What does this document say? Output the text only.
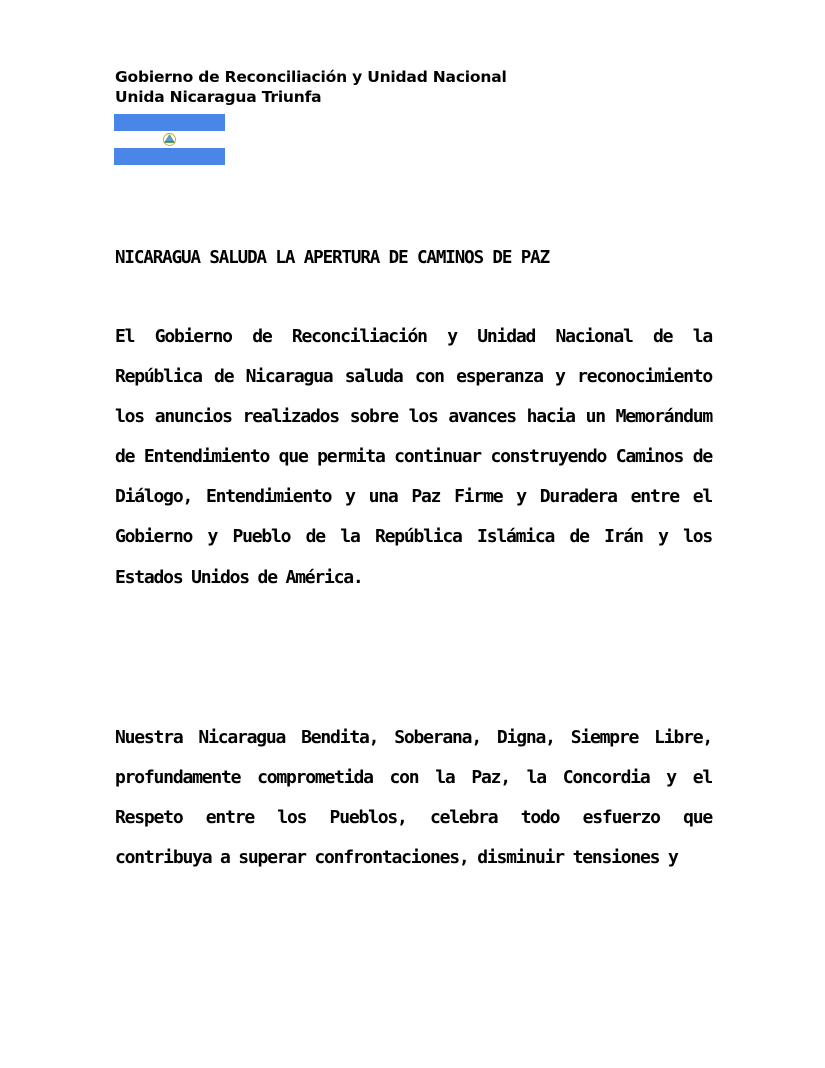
Gobierno de Reconciliación y Unidad Nacional
Unida Nicaragua Triunfa
NICARAGUA SALUDA LA APERTURA DE CAMINOS DE PAZ
El Gobierno de Reconciliación y Unidad Nacional de la República de Nicaragua saluda con esperanza y reconocimiento los anuncios realizados sobre los avances hacia un Memorándum de Entendimiento que permita continuar construyendo Caminos de Diálogo, Entendimiento y una Paz Firme y Duradera entre el Gobierno y Pueblo de la República Islámica de Irán y los Estados Unidos de América.
Nuestra Nicaragua Bendita, Soberana, Digna, Siempre Libre, profundamente comprometida con la Paz, la Concordia y el Respeto entre los Pueblos, celebra todo esfuerzo que contribuya a superar confrontaciones, disminuir tensiones y
